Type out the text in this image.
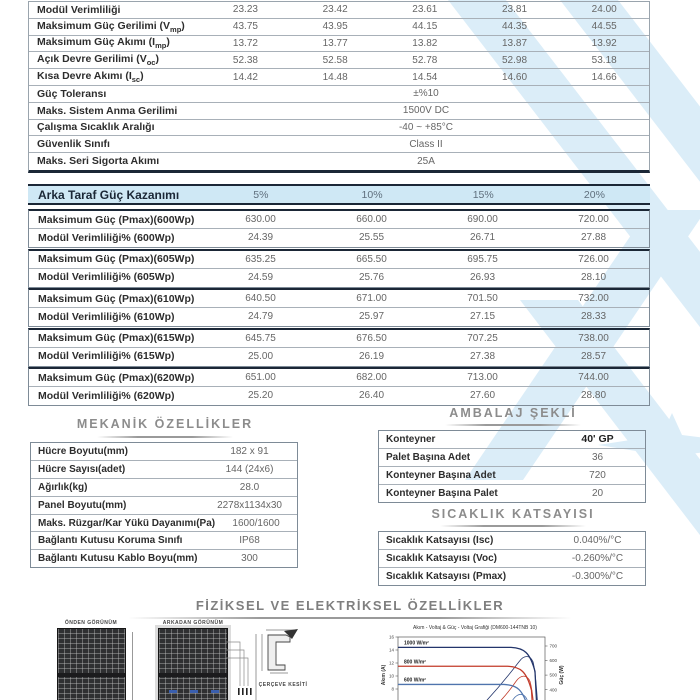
Modül Verimliliği	23.23	23.42	23.61	23.81	24.00
Maksimum Güç Gerilimi $(V_{mp})$	43.75	43.95	44.15	44.35	44.55
Maksimum Güç Akımı $(I_{mp})$	13.72	13.77	13.82	13.87	13.92
Açık Devre Gerilimi $(V_{oc})$	52.38	52.58	52.78	52.98	53.18
Kısa Devre Akımı $(I_{sc})$	14.42	14.48	14.54	14.60	14.66
Güç Toleransı	±%10
Maks. Sistem Anma Gerilimi	1500V DC
Çalışma Sıcaklık Aralığı	-40 ~ +85°C
Güvenlik Sınıfı	Class II
Maks. Seri Sigorta Akımı	25A
Arka Taraf Güç Kazanımı	5%	10%	15%	20%
MEKANİK ÖZELLİKLER
Hücre Boyutu(mm)	182 x 91
Hücre Sayısı(adet)	144 (24x6)
Ağırlık(kg)	28.0
Panel Boyutu(mm)	2278x1134x30
Maks. Rüzgar/Kar Yükü Dayanımı(Pa)	1600/1600
Bağlantı Kutusu Koruma Sınıfı	IP68
Bağlantı Kutusu Kablo Boyu(mm)	300
AMBALAJ ŞEKLİ
Konteyner	40' GP
Palet Başına Adet	36
Konteyner Başına Adet	720
Konteyner Başına Palet	20
SICAKLIK KATSAYISI
Sıcaklık Katsayısı (Isc)	0.040%/°C
Sıcaklık Katsayısı (Voc)	-0.260%/°C
Sıcaklık Katsayısı (Pmax)	-0.300%/°C
FİZİKSEL VE ELEKTRİKSEL ÖZELLİKLER
ÖNDEN GÖRÜNÜM	ARKADAN GÖRÜNÜM
ÇERÇEVE KESİTİ
Akım - Voltaj & Güç - Voltaj Grafiği (DM600-144TNB 10)
16
14
12
10
8
700
600
500
400
Akım (A)	Güç (W)
1000 W/m²
800 W/m²
600 W/m²
Maksimum Güç (Pmax)(600Wp)	630.00	660.00	690.00	720.00
Modül Verimliliği% (600Wp)	24.39	25.55	26.71	27.88
Maksimum Güç (Pmax)(605Wp)	635.25	665.50	695.75	726.00
Modül Verimliliği% (605Wp)	24.59	25.76	26.93	28.10
Maksimum Güç (Pmax)(610Wp)	640.50	671.00	701.50	732.00
Modül Verimliliği% (610Wp)	24.79	25.97	27.15	28.33
Maksimum Güç (Pmax)(615Wp)	645.75	676.50	707.25	738.00
Modül Verimliliği% (615Wp)	25.00	26.19	27.38	28.57
Maksimum Güç (Pmax)(620Wp)	651.00	682.00	713.00	744.00
Modül Verimliliği% (620Wp)	25.20	26.40	27.60	28.80
